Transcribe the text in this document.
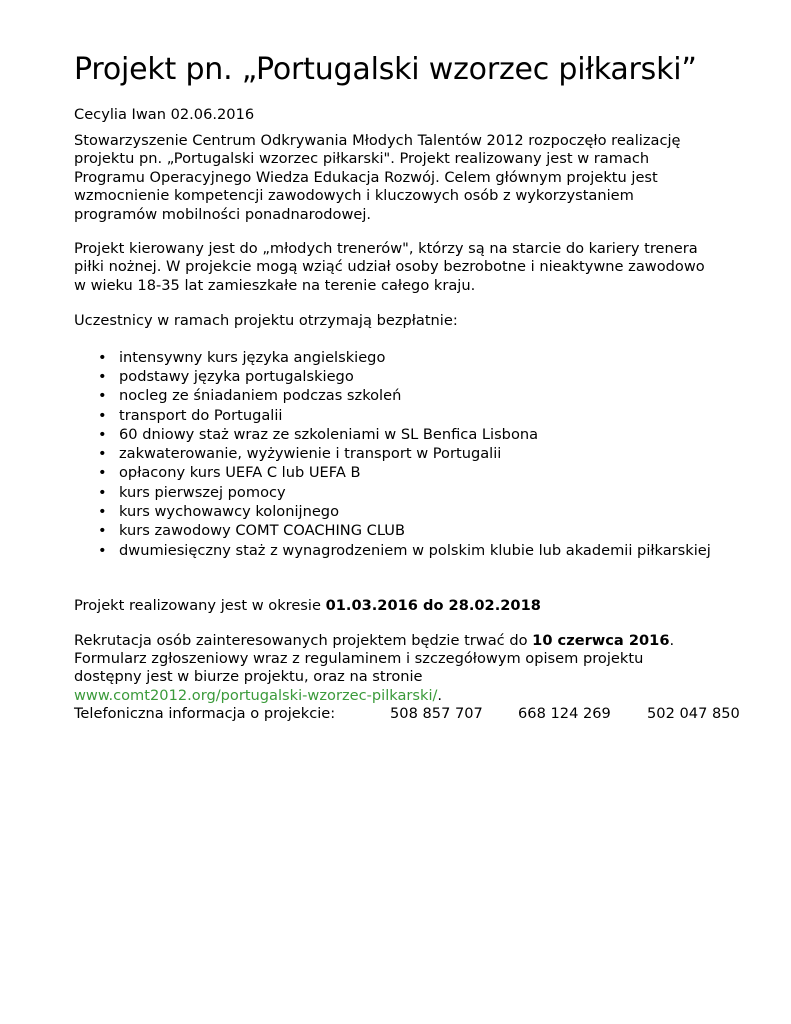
Projekt pn. „Portugalski wzorzec piłkarski”
Cecylia Iwan 02.06.2016
Stowarzyszenie Centrum Odkrywania Młodych Talentów 2012 rozpoczęło realizację
projektu pn. „Portugalski wzorzec piłkarski". Projekt realizowany jest w ramach
Programu Operacyjnego Wiedza Edukacja Rozwój. Celem głównym projektu jest
wzmocnienie kompetencji zawodowych i kluczowych osób z wykorzystaniem
programów mobilności ponadnarodowej.
Projekt kierowany jest do „młodych trenerów", którzy są na starcie do kariery trenera
piłki nożnej. W projekcie mogą wziąć udział osoby bezrobotne i nieaktywne zawodowo
w wieku 18-35 lat zamieszkałe na terenie całego kraju.
Uczestnicy w ramach projektu otrzymają bezpłatnie:
• intensywny kurs języka angielskiego
• podstawy języka portugalskiego
• nocleg ze śniadaniem podczas szkoleń
• transport do Portugalii
• 60 dniowy staż wraz ze szkoleniami w SL Benfica Lisbona
• zakwaterowanie, wyżywienie i transport w Portugalii
• opłacony kurs UEFA C lub UEFA B
• kurs pierwszej pomocy
• kurs wychowawcy kolonijnego
• kurs zawodowy COMT COACHING CLUB
• dwumiesięczny staż z wynagrodzeniem w polskim klubie lub akademii piłkarskiej
Projekt realizowany jest w okresie 01.03.2016 do 28.02.2018
Rekrutacja osób zainteresowanych projektem będzie trwać do 10 czerwca 2016.
Formularz zgłoszeniowy wraz z regulaminem i szczegółowym opisem projektu
dostępny jest w biurze projektu, oraz na stronie
www.comt2012.org/portugalski-wzorzec-pilkarski/.
Telefoniczna informacja o projekcie:	508 857 707 668 124 269 502 047 850
